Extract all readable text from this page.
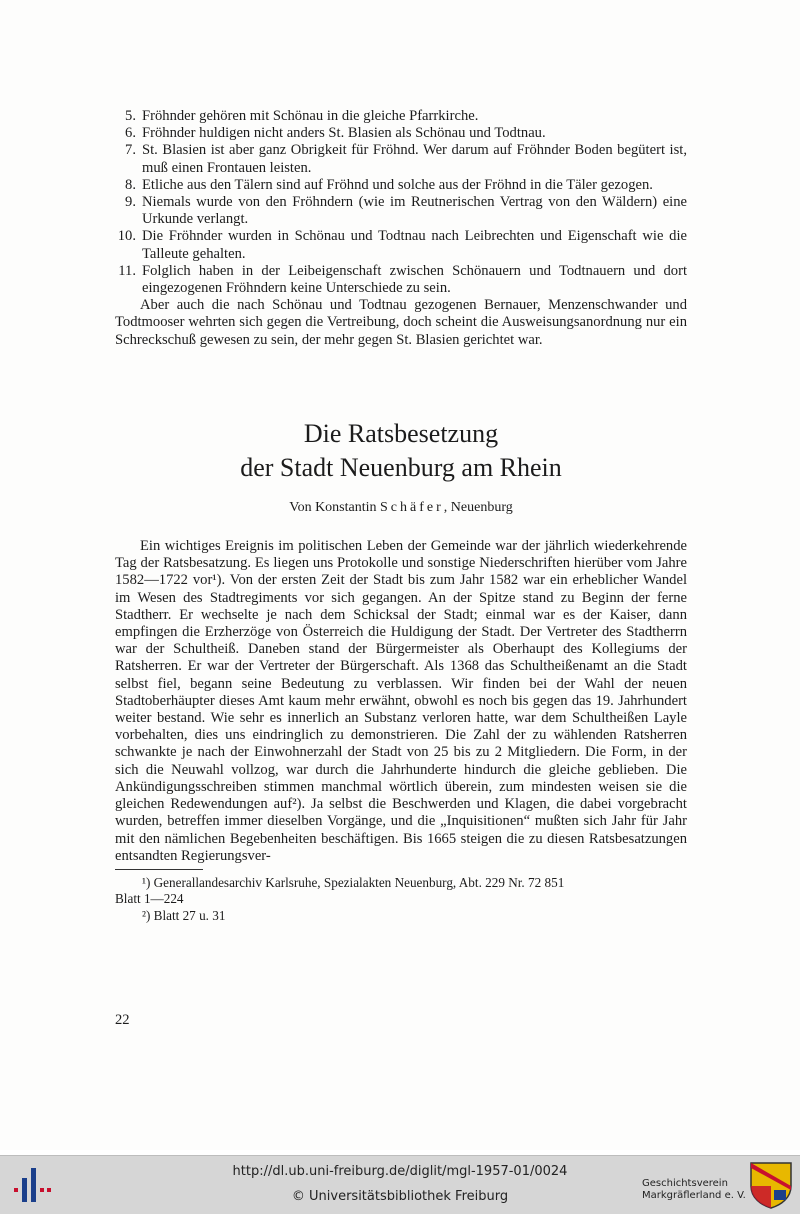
5. Fröhnder gehören mit Schönau in die gleiche Pfarrkirche.
6. Fröhnder huldigen nicht anders St. Blasien als Schönau und Todtnau.
7. St. Blasien ist aber ganz Obrigkeit für Fröhnd. Wer darum auf Fröhnder Boden begütert ist, muß einen Frontauen leisten.
8. Etliche aus den Tälern sind auf Fröhnd und solche aus der Fröhnd in die Täler gezogen.
9. Niemals wurde von den Fröhndern (wie im Reutnerischen Vertrag von den Wäldern) eine Urkunde verlangt.
10. Die Fröhnder wurden in Schönau und Todtnau nach Leibrechten und Eigenschaft wie die Talleute gehalten.
11. Folglich haben in der Leibeigenschaft zwischen Schönauern und Todtnauern und dort eingezogenen Fröhndern keine Unterschiede zu sein.

Aber auch die nach Schönau und Todtnau gezogenen Bernauer, Menzenschwander und Todtmooser wehrten sich gegen die Vertreibung, doch scheint die Ausweisungsanordnung nur ein Schreckschuß gewesen zu sein, der mehr gegen St. Blasien gerichtet war.

Die Ratsbesetzung
der Stadt Neuenburg am Rhein
Von Konstantin Schäfer, Neuenburg

Ein wichtiges Ereignis im politischen Leben der Gemeinde war der jährlich wiederkehrende Tag der Ratsbesatzung. Es liegen uns Protokolle und sonstige Niederschriften hierüber vom Jahre 1582—1722 vor¹). Von der ersten Zeit der Stadt bis zum Jahr 1582 war ein erheblicher Wandel im Wesen des Stadtregiments vor sich gegangen. An der Spitze stand zu Beginn der ferne Stadtherr. Er wechselte je nach dem Schicksal der Stadt; einmal war es der Kaiser, dann empfingen die Erzherzöge von Österreich die Huldigung der Stadt. Der Vertreter des Stadtherrn war der Schultheiß. Daneben stand der Bürgermeister als Oberhaupt des Kollegiums der Ratsherren. Er war der Vertreter der Bürgerschaft. Als 1368 das Schultheißenamt an die Stadt selbst fiel, begann seine Bedeutung zu verblassen. Wir finden bei der Wahl der neuen Stadtoberhäupter dieses Amt kaum mehr erwähnt, obwohl es noch bis gegen das 19. Jahrhundert weiter bestand. Wie sehr es innerlich an Substanz verloren hatte, war dem Schultheißen Layle vorbehalten, dies uns eindringlich zu demonstrieren. Die Zahl der zu wählenden Ratsherren schwankte je nach der Einwohnerzahl der Stadt von 25 bis zu 2 Mitgliedern. Die Form, in der sich die Neuwahl vollzog, war durch die Jahrhunderte hindurch die gleiche geblieben. Die Ankündigungsschreiben stimmen manchmal wörtlich überein, zum mindesten weisen sie die gleichen Redewendungen auf²). Ja selbst die Beschwerden und Klagen, die dabei vorgebracht wurden, betreffen immer dieselben Vorgänge, und die „Inquisitionen“ mußten sich Jahr für Jahr mit den nämlichen Begebenheiten beschäftigen. Bis 1665 steigen die zu diesen Ratsbesatzungen entsandten Regierungsver-

¹) Generallandesarchiv Karlsruhe, Spezialakten Neuenburg, Abt. 229 Nr. 72 851
Blatt 1—224
²) Blatt 27 u. 31
22
http://dl.ub.uni-freiburg.de/diglit/mgl-1957-01/0024
© Universitätsbibliothek Freiburg
Geschichtsverein
Markgräflerland e. V.
